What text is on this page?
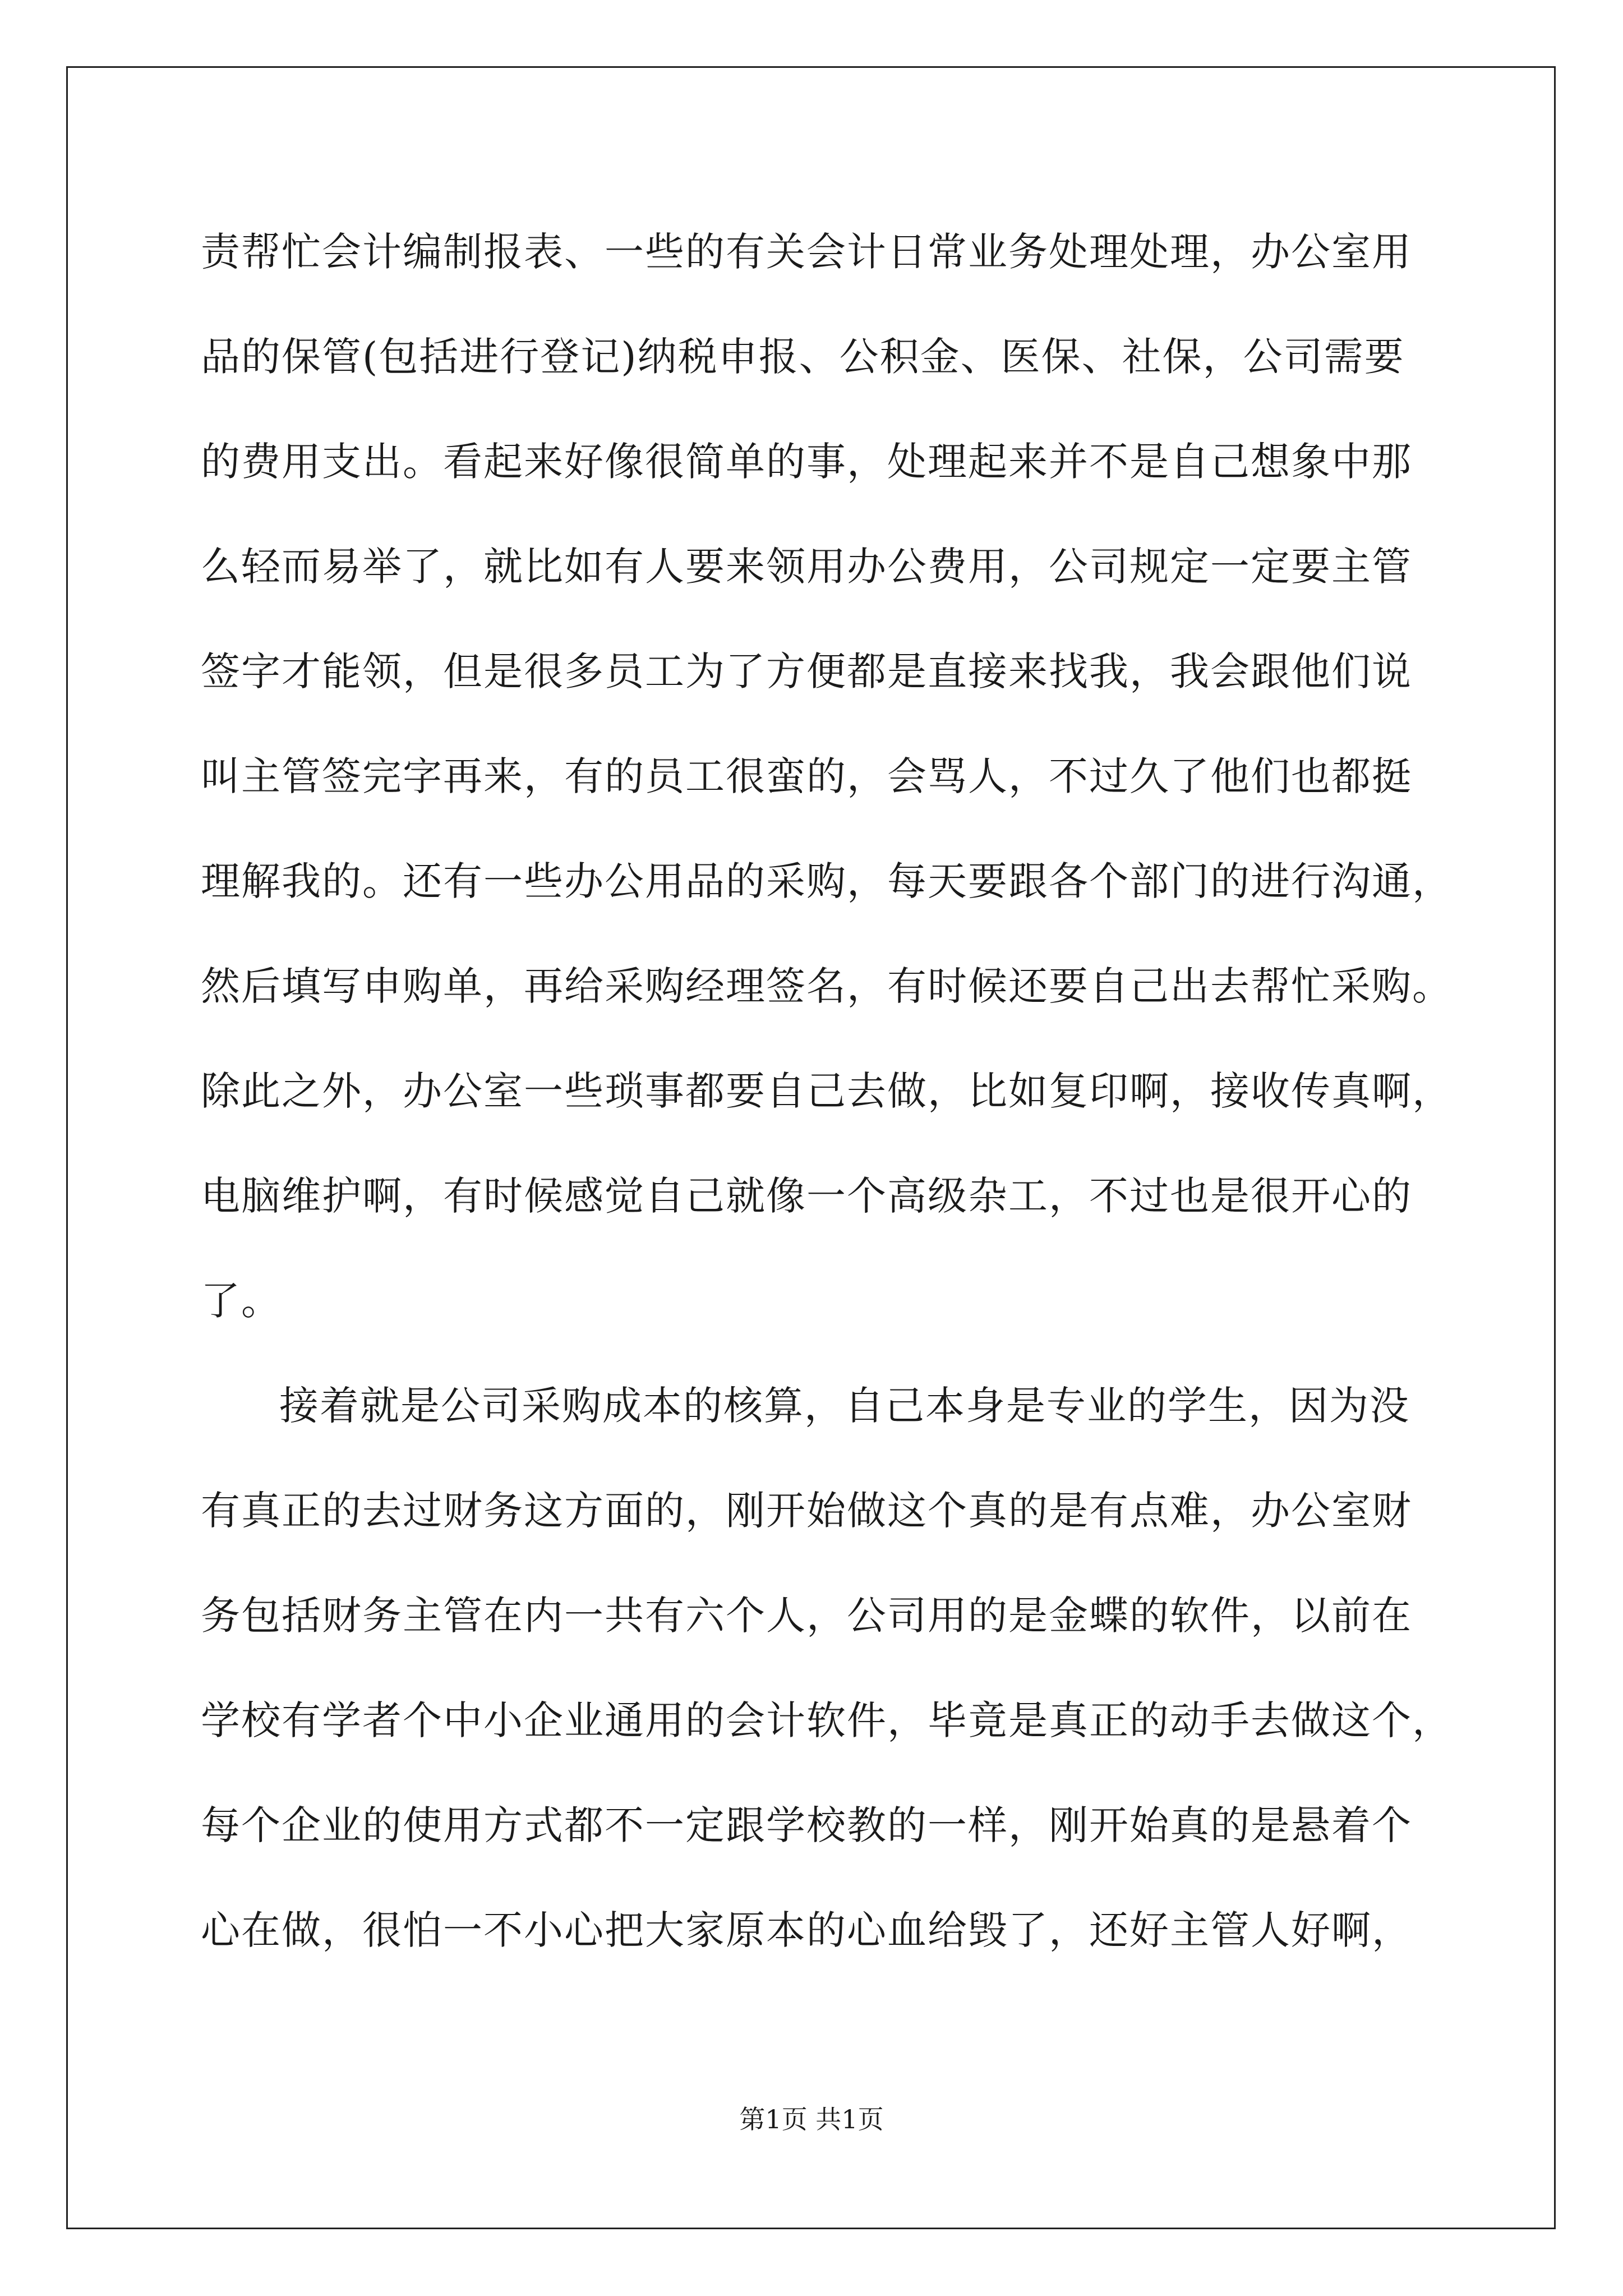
责帮忙会计编制报表、一些的有关会计日常业务处理处理，办公室用
品的保管(包括进行登记)纳税申报、公积金、医保、社保，公司需要
的费用支出。看起来好像很简单的事，处理起来并不是自己想象中那
么轻而易举了，就比如有人要来领用办公费用，公司规定一定要主管
签字才能领，但是很多员工为了方便都是直接来找我，我会跟他们说
叫主管签完字再来，有的员工很蛮的，会骂人，不过久了他们也都挺
理解我的。还有一些办公用品的采购，每天要跟各个部门的进行沟通，
然后填写申购单，再给采购经理签名，有时候还要自己出去帮忙采购。
除此之外，办公室一些琐事都要自己去做，比如复印啊，接收传真啊，
电脑维护啊，有时候感觉自己就像一个高级杂工，不过也是很开心的
了。
接着就是公司采购成本的核算，自己本身是专业的学生，因为没
有真正的去过财务这方面的，刚开始做这个真的是有点难，办公室财
务包括财务主管在内一共有六个人，公司用的是金蝶的软件，以前在
学校有学者个中小企业通用的会计软件，毕竟是真正的动手去做这个，
每个企业的使用方式都不一定跟学校教的一样，刚开始真的是悬着个
心在做，很怕一不小心把大家原本的心血给毁了，还好主管人好啊，
第1页 共1页
